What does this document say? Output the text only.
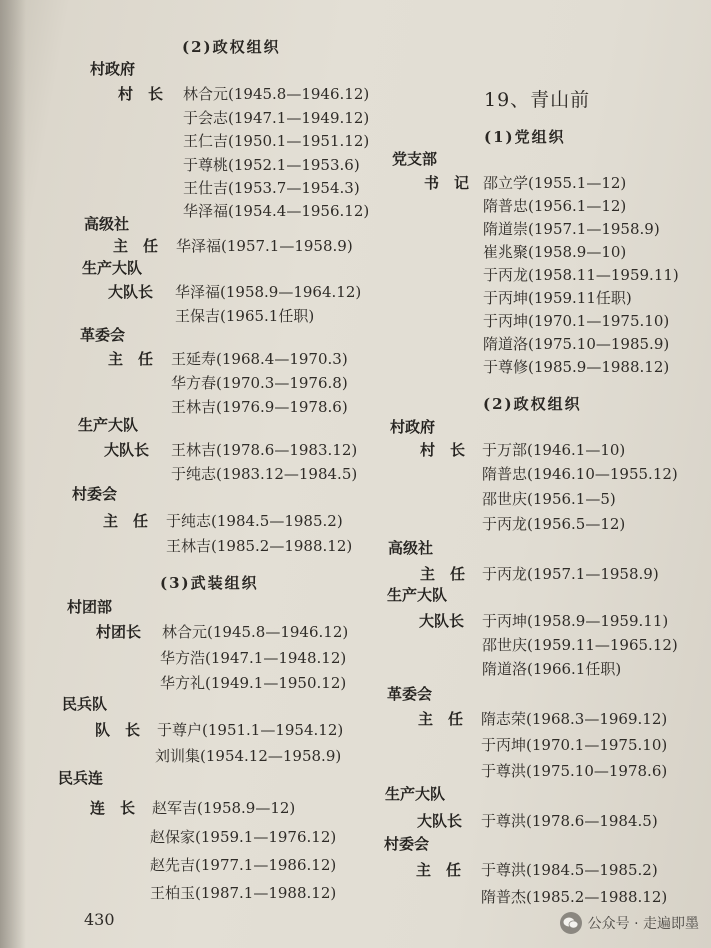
(2)政权组织
村政府
村　长 林合元(1945.8—1946.12)
于会志(1947.1—1949.12)
王仁吉(1950.1—1951.12)
于尊桃(1952.1—1953.6)
王仕吉(1953.7—1954.3)
华泽福(1954.4—1956.12)
高级社
主　任 华泽福(1957.1—1958.9)
生产大队
大队长 华泽福(1958.9—1964.12)
王保吉(1965.1任职)
革委会
主　任 王延寿(1968.4—1970.3)
华方春(1970.3—1976.8)
王林吉(1976.9—1978.6)
生产大队
大队长 王林吉(1978.6—1983.12)
于纯志(1983.12—1984.5)
村委会
主　任 于纯志(1984.5—1985.2)
王林吉(1985.2—1988.12)
(3)武装组织
村团部
村团长 林合元(1945.8—1946.12)
华方浩(1947.1—1948.12)
华方礼(1949.1—1950.12)
民兵队
队　长 于尊户(1951.1—1954.12)
刘训集(1954.12—1958.9)
民兵连
连　长 赵军吉(1958.9—12)
赵保家(1959.1—1976.12)
赵先吉(1977.1—1986.12)
王柏玉(1987.1—1988.12)
430
19、青山前
(1)党组织
党支部
书　记 邵立学(1955.1—12)
隋普忠(1956.1—12)
隋道崇(1957.1—1958.9)
崔兆聚(1958.9—10)
于丙龙(1958.11—1959.11)
于丙坤(1959.11任职)
于丙坤(1970.1—1975.10)
隋道洛(1975.10—1985.9)
于尊修(1985.9—1988.12)
(2)政权组织
村政府
村　长 于万部(1946.1—10)
隋普忠(1946.10—1955.12)
邵世庆(1956.1—5)
于丙龙(1956.5—12)
高级社
主　任 于丙龙(1957.1—1958.9)
生产大队
大队长 于丙坤(1958.9—1959.11)
邵世庆(1959.11—1965.12)
隋道洛(1966.1任职)
革委会
主　任 隋志荣(1968.3—1969.12)
于丙坤(1970.1—1975.10)
于尊洪(1975.10—1978.6)
生产大队
大队长 于尊洪(1978.6—1984.5)
村委会
主　任 于尊洪(1984.5—1985.2)
隋普杰(1985.2—1988.12)
公众号 · 走遍即墨
